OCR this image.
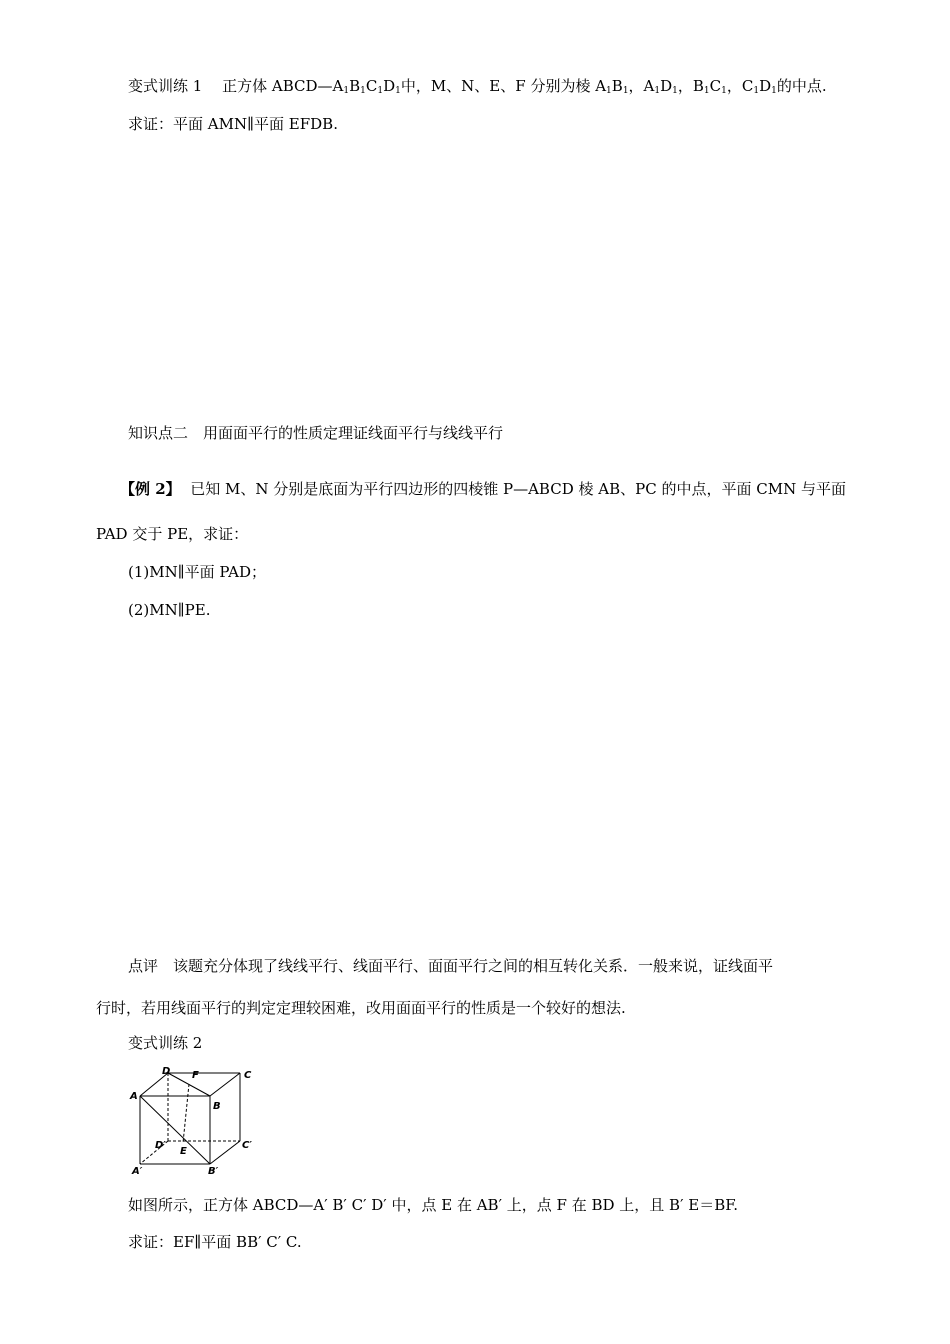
变式训练 1　 正方体 $ABCD—A_1B_1C_1D_1$中，M、N、E、F 分别为棱 $A_1B_1$，$A_1D_1$，$B_1C_1$，$C_1D_1$的中点.
求证：平面 AMN∥平面 EFDB.
知识点二　用面面平行的性质定理证线面平行与线线平行
【例 2】 已知 M、N 分别是底面为平行四边形的四棱锥 P—ABCD 棱 AB、PC 的中点，平面 CMN 与平面
PAD 交于 PE，求证：
(1)MN∥平面 PAD；
(2)MN∥PE.
点评　 该题充分体现了线线平行、线面平行、面面平行之间的相互转化关系．一般来说，证线面平
行时，若用线面平行的判定定理较困难，改用面面平行的性质是一个较好的想法.
变式训练 2
A
B
C
D F
E
A′	B′
C′
D′
如图所示，正方体 ABCD—A′ B′ C′ D′ 中，点 E 在 AB′ 上，点 F 在 BD 上，且 B′ E＝BF.
求证：EF∥平面 BB′ C′ C.
